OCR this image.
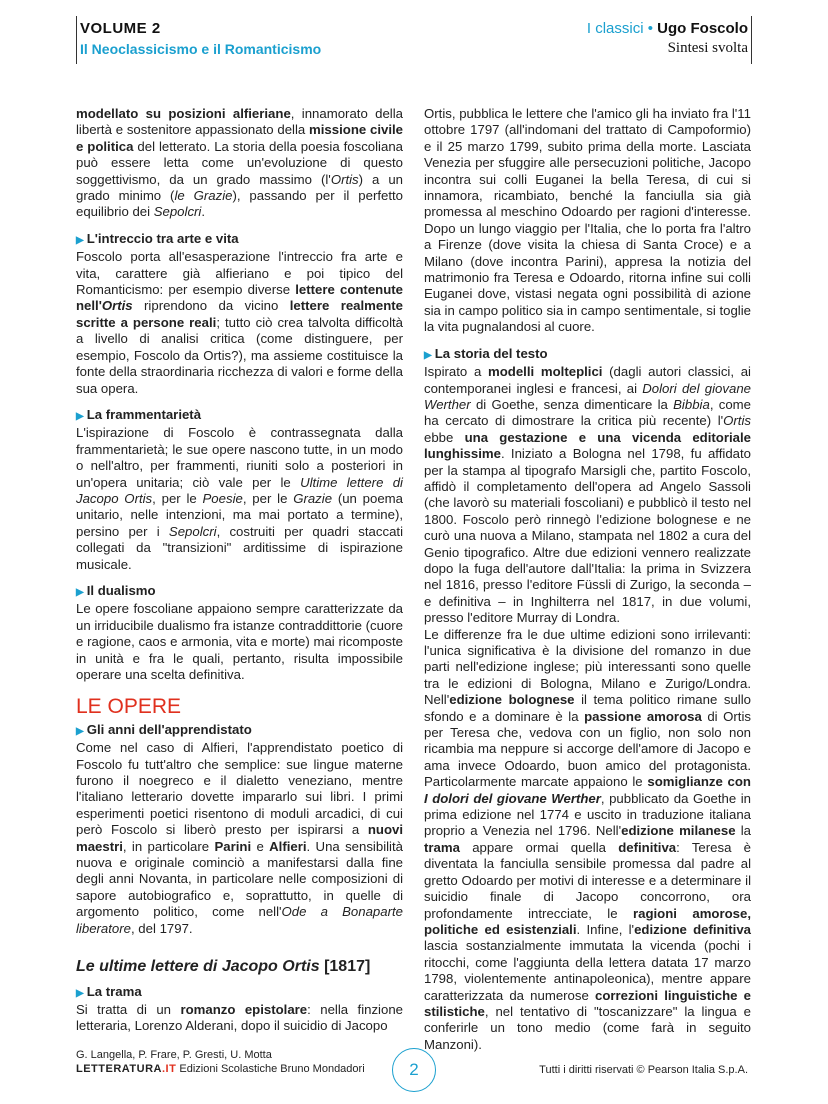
VOLUME 2
Il Neoclassicismo e il Romanticismo
I classici • Ugo Foscolo
Sintesi svolta

modellato su posizioni alfieriane, innamorato della libertà e sostenitore appassionato della missione civile e politica del letterato. La storia della poesia foscoliana può essere letta come un'evoluzione di questo soggettivismo, da un grado massimo (l'Ortis) a un grado minimo (le Grazie), passando per il perfetto equilibrio dei Sepolcri.

▶ L'intreccio tra arte e vita

Foscolo porta all'esasperazione l'intreccio fra arte e vita, carattere già alfieriano e poi tipico del Romanticismo: per esempio diverse lettere contenute nell'Ortis riprendono da vicino lettere realmente scritte a persone reali; tutto ciò crea talvolta difficoltà a livello di analisi critica (come distinguere, per esempio, Foscolo da Ortis?), ma assieme costituisce la fonte della straordinaria ricchezza di valori e forme della sua opera.

▶ La frammentarietà

L'ispirazione di Foscolo è contrassegnata dalla frammentarietà; le sue opere nascono tutte, in un modo o nell'altro, per frammenti, riuniti solo a posteriori in un'opera unitaria; ciò vale per le Ultime lettere di Jacopo Ortis, per le Poesie, per le Grazie (un poema unitario, nelle intenzioni, ma mai portato a termine), persino per i Sepolcri, costruiti per quadri staccati collegati da "transizioni" arditissime di ispirazione musicale.

▶ Il dualismo

Le opere foscoliane appaiono sempre caratterizzate da un irriducibile dualismo fra istanze contraddittorie (cuore e ragione, caos e armonia, vita e morte) mai ricomposte in unità e fra le quali, pertanto, risulta impossibile operare una scelta definitiva.

LE OPERE
▶ Gli anni dell'apprendistato

Come nel caso di Alfieri, l'apprendistato poetico di Foscolo fu tutt'altro che semplice: sue lingue materne furono il noegreco e il dialetto veneziano, mentre l'italiano letterario dovette impararlo sui libri. I primi esperimenti poetici risentono di moduli arcadici, di cui però Foscolo si liberò presto per ispirarsi a nuovi maestri, in particolare Parini e Alfieri. Una sensibilità nuova e originale cominciò a manifestarsi dalla fine degli anni Novanta, in particolare nelle composizioni di sapore autobiografico e, soprattutto, in quelle di argomento politico, come nell'Ode a Bonaparte liberatore, del 1797.

Le ultime lettere di Jacopo Ortis [1817]
▶ La trama

Si tratta di un romanzo epistolare: nella finzione letteraria, Lorenzo Alderani, dopo il suicidio di Jacopo

Ortis, pubblica le lettere che l'amico gli ha inviato fra l'11 ottobre 1797 (all'indomani del trattato di Campoformio) e il 25 marzo 1799, subito prima della morte. Lasciata Venezia per sfuggire alle persecuzioni politiche, Jacopo incontra sui colli Euganei la bella Teresa, di cui si innamora, ricambiato, benché la fanciulla sia già promessa al meschino Odoardo per ragioni d'interesse. Dopo un lungo viaggio per l'Italia, che lo porta fra l'altro a Firenze (dove visita la chiesa di Santa Croce) e a Milano (dove incontra Parini), appresa la notizia del matrimonio fra Teresa e Odoardo, ritorna infine sui colli Euganei dove, vistasi negata ogni possibilità di azione sia in campo politico sia in campo sentimentale, si toglie la vita pugnalandosi al cuore.

▶ La storia del testo

Ispirato a modelli molteplici (dagli autori classici, ai contemporanei inglesi e francesi, ai Dolori del giovane Werther di Goethe, senza dimenticare la Bibbia, come ha cercato di dimostrare la critica più recente) l'Ortis ebbe una gestazione e una vicenda editoriale lunghissime. Iniziato a Bologna nel 1798, fu affidato per la stampa al tipografo Marsigli che, partito Foscolo, affidò il completamento dell'opera ad Angelo Sassoli (che lavorò su materiali foscoliani) e pubblicò il testo nel 1800. Foscolo però rinnegò l'edizione bolognese e ne curò una nuova a Milano, stampata nel 1802 a cura del Genio tipografico. Altre due edizioni vennero realizzate dopo la fuga dell'autore dall'Italia: la prima in Svizzera nel 1816, presso l'editore Füssli di Zurigo, la seconda – e definitiva – in Inghilterra nel 1817, in due volumi, presso l'editore Murray di Londra.

Le differenze fra le due ultime edizioni sono irrilevanti: l'unica significativa è la divisione del romanzo in due parti nell'edizione inglese; più interessanti sono quelle tra le edizioni di Bologna, Milano e Zurigo/Londra. Nell'edizione bolognese il tema politico rimane sullo sfondo e a dominare è la passione amorosa di Ortis per Teresa che, vedova con un figlio, non solo non ricambia ma neppure si accorge dell'amore di Jacopo e ama invece Odoardo, buon amico del protagonista. Particolarmente marcate appaiono le somiglianze con I dolori del giovane Werther, pubblicato da Goethe in prima edizione nel 1774 e uscito in traduzione italiana proprio a Venezia nel 1796. Nell'edizione milanese la trama appare ormai quella definitiva: Teresa è diventata la fanciulla sensibile promessa dal padre al gretto Odoardo per motivi di interesse e a determinare il suicidio finale di Jacopo concorrono, ora profondamente intrecciate, le ragioni amorose, politiche ed esistenziali. Infine, l'edizione definitiva lascia sostanzialmente immutata la vicenda (pochi i ritocchi, come l'aggiunta della lettera datata 17 marzo 1798, violentemente antinapoleonica), mentre appare caratterizzata da numerose correzioni linguistiche e stilistiche, nel tentativo di "toscanizzare" la lingua e conferirle un tono medio (come farà in seguito Manzoni).

G. Langella, P. Frare, P. Gresti, U. Motta
LETTERATURA.IT Edizioni Scolastiche Bruno Mondadori	2	Tutti i diritti riservati © Pearson Italia S.p.A.
